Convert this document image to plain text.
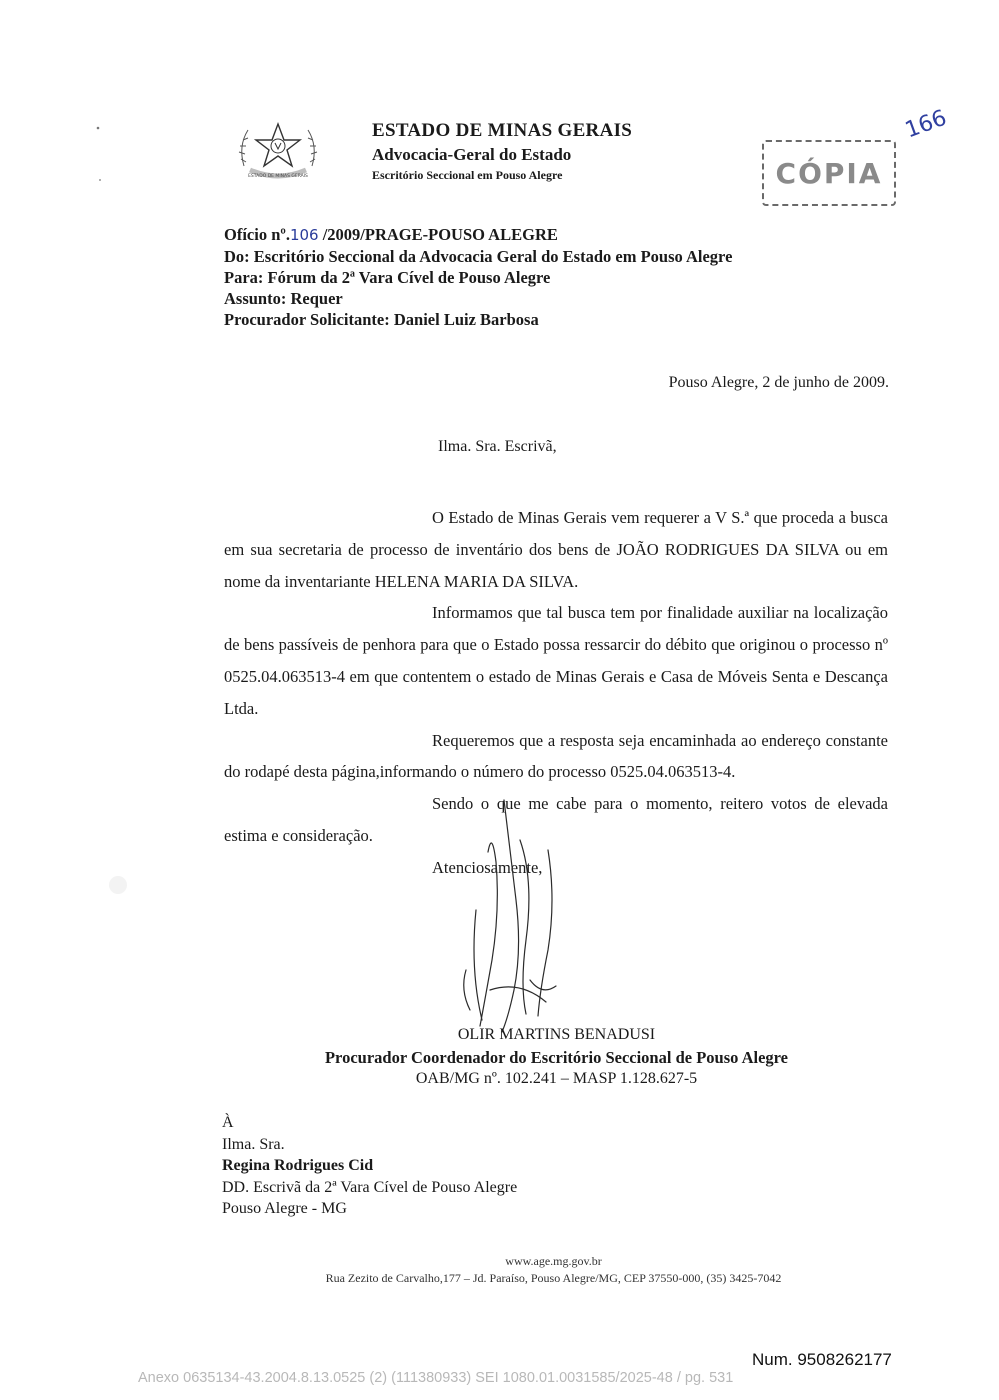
ESTADO DE MINAS GERAIS
ESTADO DE MINAS GERAIS
Advocacia-Geral do Estado
Escritório Seccional em Pouso Alegre	CÓPIA
166
Ofício nº.106 /2009/PRAGE-POUSO ALEGRE
Do: Escritório Seccional da Advocacia Geral do Estado em Pouso Alegre
Para: Fórum da 2ª Vara Cível de Pouso Alegre
Assunto: Requer
Procurador Solicitante: Daniel Luiz Barbosa
Pouso Alegre, 2 de junho de 2009.
Ilma. Sra. Escrivã,

O Estado de Minas Gerais vem requerer a V S.ª que proceda a busca em sua secretaria de processo de inventário dos bens de JOÃO RODRIGUES DA SILVA ou em nome da inventariante HELENA MARIA DA SILVA.

Informamos que tal busca tem por finalidade auxiliar na localização de bens passíveis de penhora para que o Estado possa ressarcir do débito que originou o processo nº 0525.04.063513-4 em que contentem o estado de Minas Gerais e Casa de Móveis Senta e Descança Ltda.

Requeremos que a resposta seja encaminhada ao endereço constante do rodapé desta página,informando o número do processo 0525.04.063513-4.

Sendo o que me cabe para o momento, reitero votos de elevada estima e consideração.

Atenciosamente,

OLIR MARTINS BENADUSI
Procurador Coordenador do Escritório Seccional de Pouso Alegre
OAB/MG nº. 102.241 – MASP 1.128.627-5
À
Ilma. Sra.
Regina Rodrigues Cid
DD. Escrivã da 2ª Vara Cível de Pouso Alegre
Pouso Alegre - MG
www.age.mg.gov.br
Rua Zezito de Carvalho,177 – Jd. Paraíso, Pouso Alegre/MG, CEP 37550-000, (35) 3425-7042
Num. 9508262177
Anexo 0635134-43.2004.8.13.0525 (2) (111380933) SEI 1080.01.0031585/2025-48 / pg. 531
